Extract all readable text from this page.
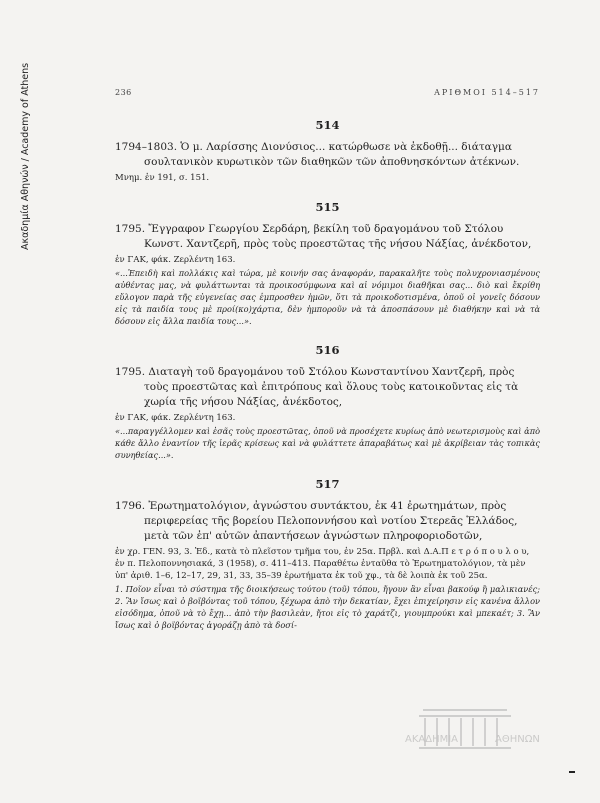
Ακαδημία Αθηνών / Academy of Athens	236	ΑΡΙΘΜΟΙ 514–517
514
1794–1803. Ὁ μ. Λαρίσσης Διονύσιος... κατώρθωσε νὰ ἐκδοθῇ... διάταγμα σουλτανικὸν κυρωτικὸν τῶν διαθηκῶν τῶν ἀποθνησκόντων ἀτέκνων.
Μνημ. ἐν 191, σ. 151.
515
1795. Ἔγγραφον Γεωργίου Σερδάρη, βεκίλη τοῦ δραγομάνου τοῦ Στόλου Κωνστ. Χαντζερῆ, πρὸς τοὺς προεστῶτας τῆς νήσου Νάξίας, ἀνέκδοτον,
ἐν ΓΑΚ, φάκ. Ζερλέντη 163.
«...Ἐπειδὴ καὶ πολλάκις καὶ τώρα, μὲ κοινήν σας ἀναφοράν, παρακαλῆτε τοὺς πολυχρονιασμένους αὐθέντας μας, νὰ φυλάττωνται τὰ προικοσύμφωνα καὶ αἱ νόμιμοι διαθῆκαι σας... διὸ καὶ ἔκρίθη εὔλογον παρὰ τῆς εὐγενείας σας ἐμπροσθεν ἡμῶν, ὅτι τὰ προικοδοτισμένα, ὁποῦ οἱ γονεῖς δόσουν εἰς τὰ παιδία τους μὲ προί(κο)χάρτια, δὲν ἠμποροῦν νὰ τὰ ἀποσπάσουν μὲ διαθήκην καὶ νὰ τὰ δόσουν εἰς ἄλλα παιδία τους...».
516
1795. Διαταγὴ τοῦ δραγομάνου τοῦ Στόλου Κωνσταντίνου Χαντζερῆ, πρὸς τοὺς προεστῶτας καὶ ἐπιτρόπους καὶ ὅλους τοὺς κατοικοῦντας εἰς τὰ χωρία τῆς νήσου Νάξίας, ἀνέκδοτος,
ἐν ΓΑΚ, φάκ. Ζερλέντη 163.
«...παραγγέλλομεν καὶ ἐσᾶς τοὺς προεστῶτας, ὁποῦ νὰ προσέχετε κυρίως ἀπὸ νεωτερισμοὺς καὶ ἀπὸ κάθε ἄλλο ἐναντίον τῆς ἱερᾶς κρίσεως καὶ νὰ φυλάττετε ἀπαραβάτως καὶ μὲ ἀκρίβειαν τὰς τοπικὰς συνηθείας...».
517
1796. Ἐρωτηματολόγιον, ἀγνώστου συντάκτου, ἐκ 41 ἐρωτημάτων, πρὸς περιφερείας τῆς βορείου Πελοποννήσου καὶ νοτίου Στερεᾶς Ἑλλάδος, μετὰ τῶν ἐπ' αὐτῶν ἀπαντήσεων ἀγνώστων πληροφοριοδοτῶν,
ἐν χρ. ΓΕΝ. 93, 3. Ἐδ., κατὰ τὸ πλεῖστον τμῆμα του, ἐν 25α. Πρβλ. καὶ Δ.Α.Π ε τ ρ ό π ο υ λ ο υ, ἐν π. Πελοποννησιακά, 3 (1958), σ. 411–413. Παραθέτω ἐνταῦθα τὸ Ἐρωτηματολόγιον, τὰ μὲν ὑπ' ἀριθ. 1–6, 12–17, 29, 31, 33, 35–39 ἐρωτήματα ἐκ τοῦ χφ., τὰ δὲ λοιπὰ ἐκ τοῦ 25α.
1. Ποῖον εἶναι τὸ σύστημα τῆς διοικήσεως τούτου (τοῦ) τόπου, ἤγουν ἂν εἶναι βακούφ ἢ μαλικιανές; 2. Ἂν ἴσως καὶ ὁ βοϊβόντας τοῦ τόπου, ξέχωρα ἀπὸ τὴν δεκατίαν, ἔχει ἐπιχείρησιν εἰς κανένα ἄλλον εἰσόδημα, ὁποῦ νὰ τὸ ἔχῃ... ἀπὸ τὴν βασιλεὰν, ἤτοι εἰς τὸ χαράτζι, γιουμπρούκι καὶ μπεκαέτ; 3. Ἂν ἴσως καὶ ὁ βοϊβόντας ἀγοράζῃ ἀπὸ τὰ δοσί-
ΑΚΑΔΗΜΙΑ	ΑΘΗΝΩΝ
